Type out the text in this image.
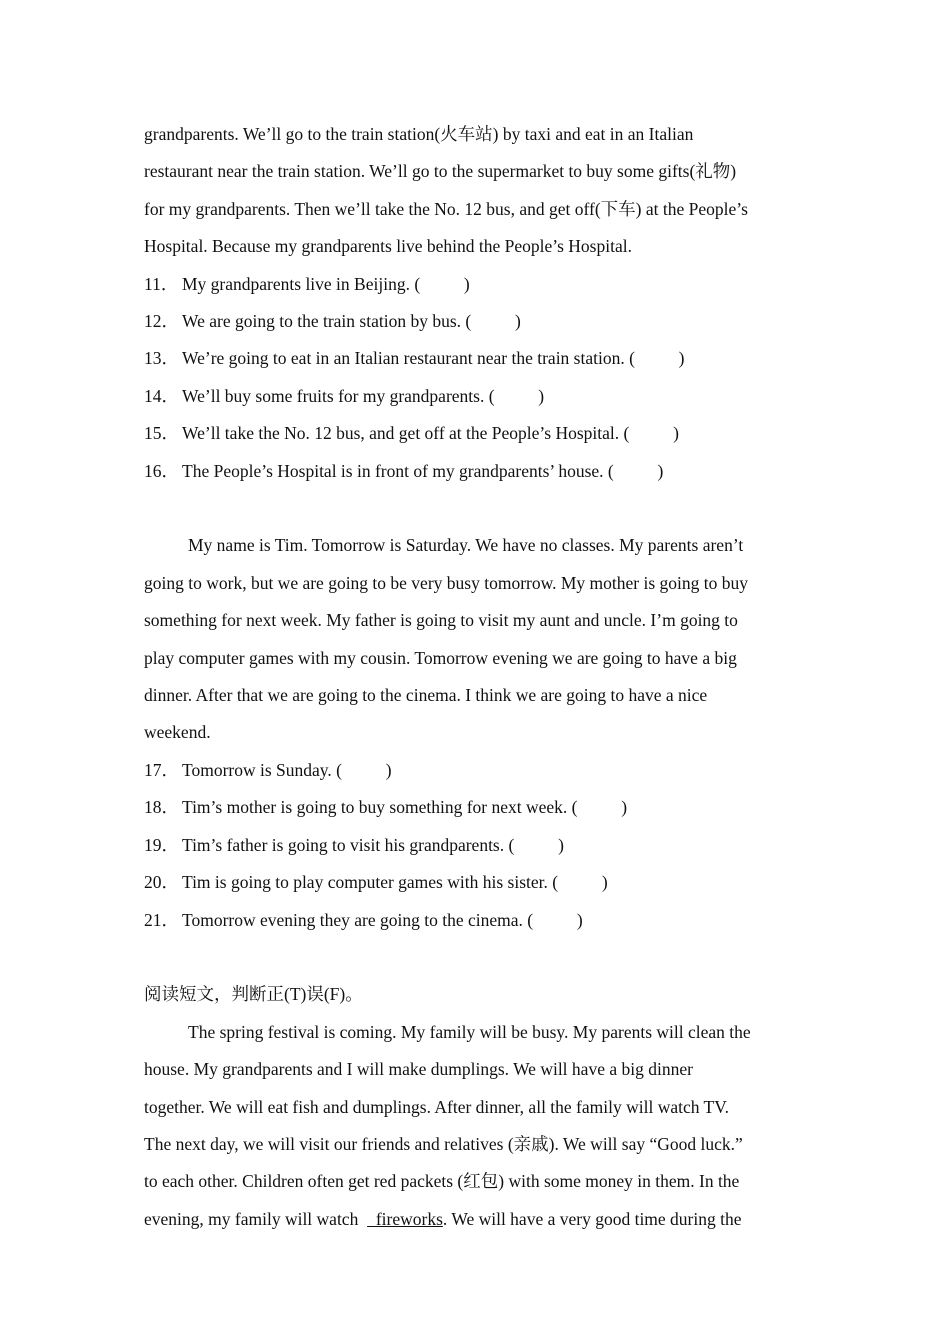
grandparents. We’ll go to the train station(火车站) by taxi and eat in an Italian

restaurant near the train station. We’ll go to the supermarket to buy some gifts(礼物)

for my grandparents. Then we’ll take the No. 12 bus, and get off(下车) at the People’s

Hospital. Because my grandparents live behind the People’s Hospital.

11． My grandparents live in Beijing. (          )

12． We are going to the train station by bus. (          )

13． We’re going to eat in an Italian restaurant near the train station. (          )

14． We’ll buy some fruits for my grandparents. (          )

15． We’ll take the No. 12 bus, and get off at the People’s Hospital. (          )

16． The People’s Hospital is in front of my grandparents’ house. (          )

My name is Tim. Tomorrow is Saturday. We have no classes. My parents aren’t

going to work, but we are going to be very busy tomorrow. My mother is going to buy

something for next week. My father is going to visit my aunt and uncle. I’m going to

play computer games with my cousin. Tomorrow evening we are going to have a big

dinner. After that we are going to the cinema. I think we are going to have a nice

weekend.

17． Tomorrow is Sunday. (          )

18． Tim’s mother is going to buy something for next week. (          )

19． Tim’s father is going to visit his grandparents. (          )

20． Tim is going to play computer games with his sister. (          )

21． Tomorrow evening they are going to the cinema. (          )

阅读短文，判断正(T)误(F)。

The spring festival is coming. My family will be busy. My parents will clean the

house. My grandparents and I will make dumplings. We will have a big dinner

together. We will eat fish and dumplings. After dinner, all the family will watch TV.

The next day, we will visit our friends and relatives (亲戚). We will say “Good luck.”

to each other. Children often get red packets (红包) with some money in them. In the

evening, my family will watch    fireworks. We will have a very good time during the
